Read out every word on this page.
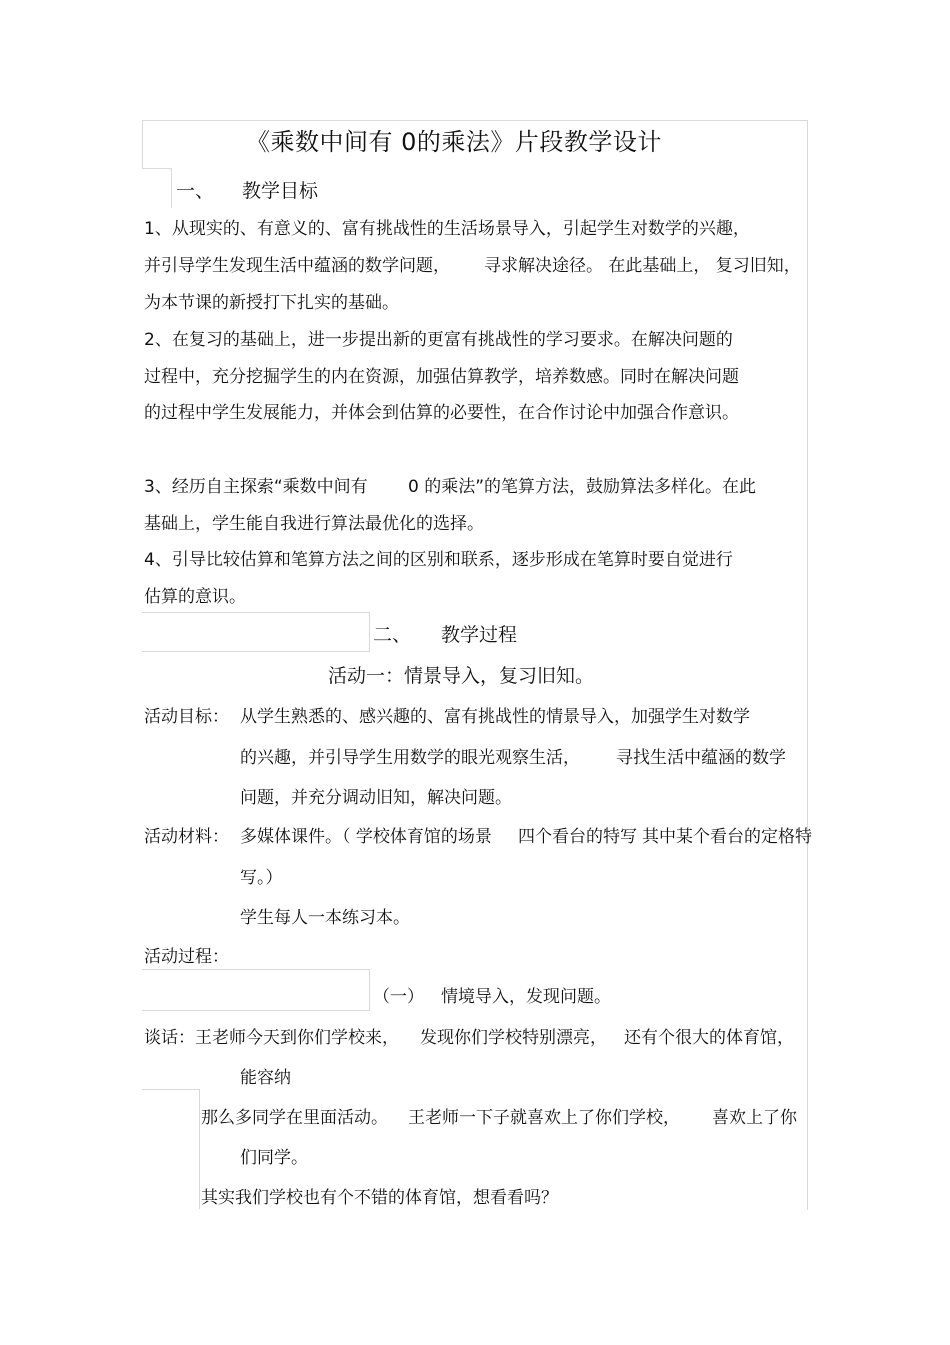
《乘数中间有 0的乘法》片段教学设计
一、 教学目标
1、从现实的、有意义的、富有挑战性的生活场景导入，引起学生对数学的兴趣，
并引导学生发现生活中蕴涵的数学问题， 寻求解决途径。 在此基础上， 复习旧知，
为本节课的新授打下扎实的基础。
2、在复习的基础上，进一步提出新的更富有挑战性的学习要求。在解决问题的
过程中，充分挖掘学生的内在资源，加强估算教学，培养数感。同时在解决问题
的过程中学生发展能力，并体会到估算的必要性，在合作讨论中加强合作意识。
3、经历自主探索“乘数中间有 0 的乘法”的笔算方法，鼓励算法多样化。在此
基础上，学生能自我进行算法最优化的选择。
4、引导比较估算和笔算方法之间的区别和联系，逐步形成在笔算时要自觉进行
估算的意识。
二、 教学过程
活动一：情景导入，复习旧知。
活动目标： 从学生熟悉的、感兴趣的、富有挑战性的情景导入，加强学生对数学
的兴趣，并引导学生用数学的眼光观察生活， 寻找生活中蕴涵的数学
问题，并充分调动旧知，解决问题。
活动材料： 多媒体课件。（ 学校体育馆的场景 四个看台的特写 其中某个看台的定格特
写。）
学生每人一本练习本。
活动过程：
（一） 情境导入，发现问题。
谈话：王老师今天到你们学校来， 发现你们学校特别漂亮， 还有个很大的体育馆，
能容纳
那么多同学在里面活动。 王老师一下子就喜欢上了你们学校， 喜欢上了你
们同学。
其实我们学校也有个不错的体育馆，想看看吗？
